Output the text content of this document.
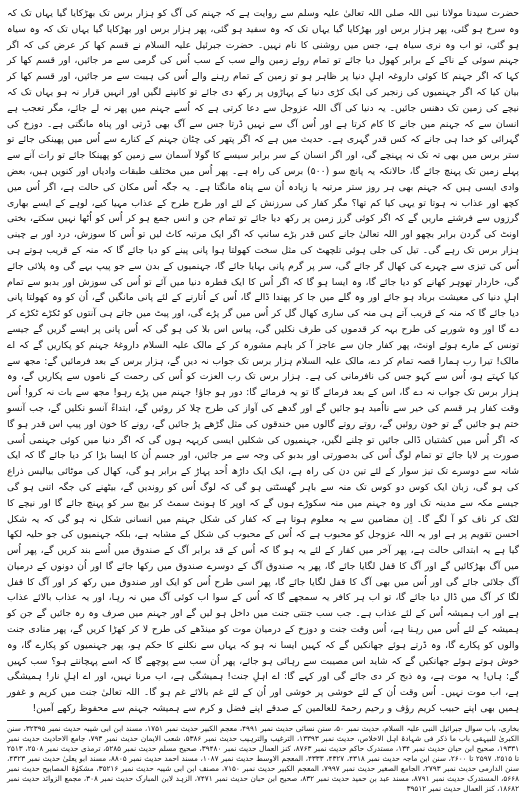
حضرت سیدنا مولانا نبی اللہ صلی اللہ تعالیٰ علیہ وسلم سے روایت ہے کہ جہنم کی آگ کو ہزار برس تک بھڑکایا گیا یہاں تک کہ وہ سرخ ہو گئی، پھر ہزار برس اور بھڑکایا گیا یہاں تک کہ وہ سفید ہو گئی، پھر ہزار برس اور بھڑکایا گیا یہاں تک کہ وہ سیاہ ہو گئی، تو اب وہ نری سیاہ ہے، جس میں روشنی کا نام نہیں۔ حضرت جبرئیل علیہ السلام نے قسم کھا کر عرض کی کہ اگر جہنم سوئی کے ناکے کے برابر کھول دیا جائے تو تمام روئے زمین والے سب کے سب اُس کی گرمی سے مر جائیں، اور قسم کھا کر کہا کہ اگر جہنم کا کوئی داروغہ اہلِ دنیا پر ظاہر ہو تو زمین کے تمام رہنے والے اُس کی ہیبت سے مر جائیں، اور قسم کھا کر بیان کیا کہ اگر جہنمیوں کی زنجیر کی ایک کڑی دنیا کے پہاڑوں پر رکھ دی جائے تو کانپنے لگیں اور انہیں قرار نہ ہو یہاں تک کہ نیچے کی زمین تک دھنس جائیں۔ یہ دنیا کی آگ اللہ عزوجل سے دعا کرتی ہے کہ اُسے جہنم میں پھر نہ لے جائے، مگر تعجب ہے انسان سے کہ جہنم میں جانے کا کام کرتا ہے اور اُس آگ سے نہیں ڈرتا جس سے آگ بھی ڈرتی اور پناہ مانگتی ہے۔ دوزخ کی گہرائی کو خدا ہی جانے کہ کس قدر گہری ہے۔ حدیث میں ہے کہ اگر پتھر کی چٹان جہنم کے کنارے سے اُس میں پھینکی جائے تو ستر برس میں بھی تہ تک نہ پہنچے گی، اور اگر انسان کے سر برابر سیسے کا گولا آسمان سے زمین کو پھینکا جائے تو رات آنے سے پہلے زمین تک پہنچ جائے گا، حالانکہ یہ پانچ سو (۵۰۰) برس کی راہ ہے۔ پھر اُس میں مختلف طبقات وادیاں اور کنویں ہیں، بعض وادی ایسی ہیں کہ جہنم بھی ہر روز ستر مرتبہ یا زیادہ اُن سے پناہ مانگتا ہے۔ یہ جگہ اُس مکان کی حالت ہے، اگر اُس میں کچھ اور عذاب نہ ہوتا تو یہی کیا کم تھا؟ مگر کفار کی سرزنش کے لئے اور طرح طرح کے عذاب مہیا کیے، لوہے کے ایسے بھاری گرزوں سے فرشتے ماریں گے کہ اگر کوئی گرز زمین پر رکھ دیا جائے تو تمام جن و انس جمع ہو کر اُس کو اُٹھا نہیں سکتے، بختی اونٹ کی گردن برابر بچھو اور اللہ تعالیٰ جانے کس قدر بڑے سانپ کہ اگر ایک مرتبہ کاٹ لیں تو اُس کا سوزش، درد اور بے چینی ہزار برس تک رہے گی۔ تیل کی جلی ہوئی تلچھٹ کی مثل سخت کھولتا ہوا پانی پینے کو دیا جائے گا کہ منہ کے قریب ہوتے ہی اُس کی تیزی سے چہرے کی کھال گر جائے گی، سر پر گرم پانی بہایا جائے گا، جہنمیوں کے بدن سے جو پیپ بہے گی وہ پلائی جائے گی، خاردار تھوہر کھانے کو دیا جائے گا، وہ ایسا ہو گا کہ اگر اُس کا ایک قطرہ دنیا میں آئے تو اُس کی سوزش اور بدبو سے تمام اہلِ دنیا کی معیشت برباد ہو جائے اور وہ گلے میں جا کر پھندا ڈالے گا، اُس کے اُتارنے کے لئے پانی مانگیں گے، اُن کو وہ کھولتا پانی دیا جائے گا کہ منہ کے قریب آتے ہی منہ کی ساری کھال گل کر اُس میں گر پڑے گی، اور پیٹ میں جاتے ہی آنتوں کو ٹکڑے ٹکڑے کر دے گا اور وہ شوربے کی طرح بہہ کر قدموں کی طرف نکلیں گی، پیاس اس بلا کی ہو گی کہ اُس پانی پر ایسے گریں گے جیسے تونس کے مارے ہوئے اونٹ، پھر کفار جان سے عاجز آ کر باہم مشورہ کر کے مالک علیہ السلام داروغۂ جہنم کو پکاریں گے کہ اے مالک! تیرا رب ہمارا قصہ تمام کر دے، مالک علیہ السلام ہزار برس تک جواب نہ دیں گے، ہزار برس کے بعد فرمائیں گے: مجھ سے کیا کہتے ہو، اُس سے کہو جس کی نافرمانی کی ہے۔ ہزار برس تک رب العزت کو اُس کی رحمت کے ناموں سے پکاریں گے، وہ ہزار برس تک جواب نہ دے گا، اس کے بعد فرمائے گا تو یہ فرمائے گا: دور ہو جاؤ! جہنم میں پڑے رہو! مجھ سے بات نہ کرو! اُس وقت کفار ہر قسم کی خیر سے نااُمید ہو جائیں گے اور گدھے کی آواز کی طرح چلا کر روئیں گے، ابتداءً آنسو نکلیں گے، جب آنسو ختم ہو جائیں گے تو خون روئیں گے، روتے روتے گالوں میں خندقوں کی مثل گڑھے پڑ جائیں گے، رونے کا خون اور پیپ اس قدر ہو گا کہ اگر اُس میں کشتیاں ڈالی جائیں تو چلنے لگیں، جہنمیوں کی شکلیں ایسی کریہہ ہوں گی کہ اگر دنیا میں کوئی جہنمی اُسی صورت پر لایا جائے تو تمام لوگ اُس کی بدصورتی اور بدبو کی وجہ سے مر جائیں، اور جسم اُن کا ایسا بڑا کر دیا جائے گا کہ ایک شانہ سے دوسرے تک تیز سوار کے لئے تین دن کی راہ ہے، ایک ایک داڑھ اُحد پہاڑ کے برابر ہو گی، کھال کی موٹائی بیالیس ذراع کی ہو گی، زبان ایک کوس دو کوس تک منہ سے باہر گھسٹتی ہو گی کہ لوگ اُس کو روندیں گے، بیٹھنے کی جگہ اتنی ہو گی جیسے مکہ سے مدینہ تک اور وہ جہنم میں منہ سکوڑے ہوں گے کہ اوپر کا ہونٹ سمٹ کر بیچ سر کو پہنچ جائے گا اور نیچے کا لٹک کر ناف کو آ لگے گا۔ اِن مضامین سے یہ معلوم ہوتا ہے کہ کفار کی شکل جہنم میں انسانی شکل نہ ہو گی کہ یہ شکل احسن تقویم پر ہے اور یہ اللہ عزوجل کو محبوب ہے کہ اُس کے محبوب کی شکل کے مشابہ ہے، بلکہ جہنمیوں کی جو حلیہ لکھا گیا ہے یہ ابتدائی حالت ہے، پھر آخر میں کفار کے لئے یہ ہو گا کہ اُس کے قد برابر آگ کے صندوق میں اُسے بند کریں گے، پھر اُس میں آگ بھڑکائیں گے اور آگ کا قفل لگایا جائے گا، پھر یہ صندوق آگ کے دوسرے صندوق میں رکھا جائے گا اور اُن دونوں کے درمیان آگ جلائی جائے گی اور اُس میں بھی آگ کا قفل لگایا جائے گا، پھر اسی طرح اُس کو ایک اور صندوق میں رکھ کر اور آگ کا قفل لگا کر آگ میں ڈال دیا جائے گا، تو اب ہر کافر یہ سمجھے گا کہ اُس کے سوا اب کوئی آگ میں نہ رہا، اور یہ عذاب بالائے عذاب ہے اور اب ہمیشہ اُس کے لئے عذاب ہے۔ جب سب جنتی جنت میں داخل ہو لیں گے اور جہنم میں صرف وہ رہ جائیں گے جن کو ہمیشہ کے لئے اُس میں رہنا ہے، اُس وقت جنت و دوزخ کے درمیان موت کو مینڈھے کی طرح لا کر کھڑا کریں گے، پھر منادی جنت والوں کو پکارے گا، وہ ڈرتے ہوئے جھانکیں گے کہ کہیں ایسا نہ ہو کہ یہاں سے نکلنے کا حکم ہو، پھر جہنمیوں کو پکارے گا، وہ خوش ہوتے ہوئے جھانکیں گے کہ شاید اس مصیبت سے رہائی ہو جائے، پھر اُن سب سے پوچھے گا کہ اسے پہچانتے ہو؟ سب کہیں گے: ہاں! یہ موت ہے، وہ ذبح کر دی جائے گی اور کہے گا: اے اہلِ جنت! ہمیشگی ہے، اب مرنا نہیں، اور اے اہلِ نار! ہمیشگی ہے، اب موت نہیں۔ اُس وقت اُن کے لئے خوشی پر خوشی اور اُن کے لئے غم بالائے غم ہو گا۔ اللہ تعالیٰ جنت میں کریم و غفور ہمیں بھی اپنے حبیب کریم رؤف و رحیم رحمۃ للعالمین کے صدقے اپنے فضل و کرم سے ہمیشہ جہنم سے محفوظ رکھے آمین!

بخاری، باب سوال جبرائیل النبی علیہ السلام، حدیث نمبر ۵۰، سنن نسائی حدیث نمبر ۴۹۹۱، معجم الکبیر حدیث نمبر ۱۷۵۱، مسند ابن ابی شیبہ حدیث نمبر ۳۲۳۹۵، سنن الکبریٰ للبیہقی باب ما ذکر فی شہادۃ اہل الاخلاص، حدیث نمبر ۱۳۳۹۳، الترغیب والترہیب حدیث نمبر ۵۳۸۶، شعب الایمان حدیث نمبر ۷۹۳، جامع الاحادیث حدیث نمبر ۱۹۳۳۱، صحیح ابن حبان حدیث نمبر ۱۳۴، مستدرک حاکم حدیث نمبر ۸۷۶۳، کنز العمال حدیث نمبر ۳۹۴۸۰، صحیح مسلم حدیث نمبر ۵۲۸۵، ترمذی حدیث نمبر ۲۵۰۸، ۲۵۱۳ تا ۲۵۱۵، ۲۵۹۷ تا ۲۶۰۰، سنن ابن ماجہ حدیث نمبر ۴۳۱۸، ۴۳۲۷، ۴۳۳۳، المعجم الاوسط حدیث نمبر ۱۰۸۷، مسند احمد حدیث نمبر ۸۸۰۵، مسند ابو یعلیٰ حدیث نمبر ۴۳۲۳، سنن الدارمی حدیث نمبر ۲۷۹۳، الجامع الصغیر حدیث نمبر ۷۹۹۷، المعجم الکبیر حدیث نمبر ۷۱۵۰، مصنف ابن ابی شیبہ حدیث نمبر ۳۵۲۱۶، مشکوٰۃ المصابیح حدیث نمبر ۵۶۶۸، المستدرک حدیث نمبر ۸۷۹۱، مسند عبد بن حمید حدیث نمبر ۸۳۲، صحیح ابن حبان حدیث نمبر ۷۴۷۱، الزہد لابن المبارک حدیث نمبر ۳۰۸، مجمع الزوائد حدیث نمبر ۱۸۶۸۲، کنز العمال حدیث نمبر ۳۹۵۱۲
